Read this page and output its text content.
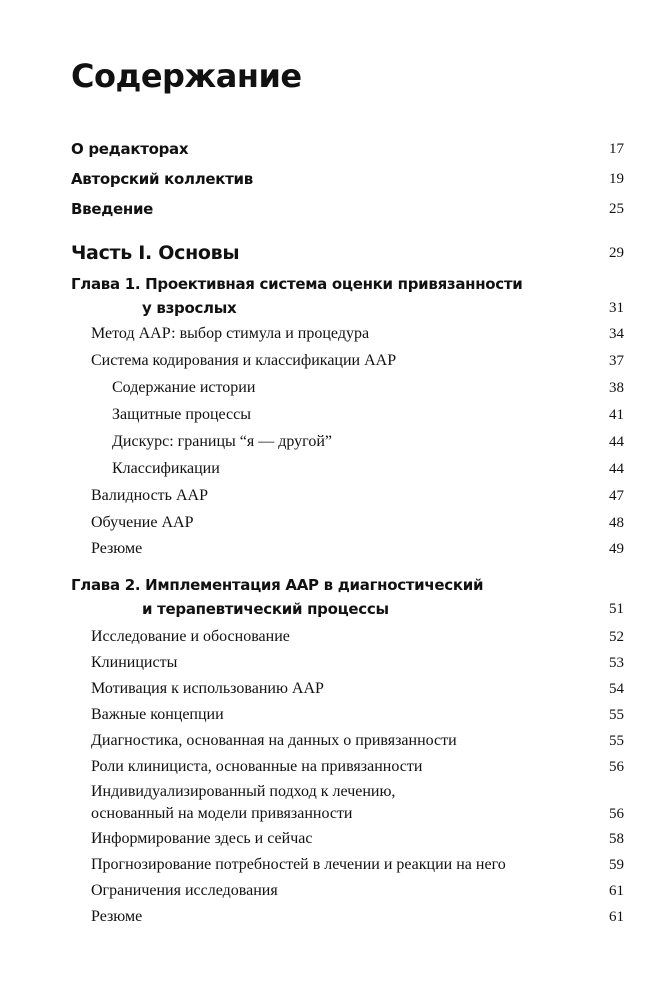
Содержание
О редакторах	17
Авторский коллектив	19
Введение	25
Часть I. Основы	29
Глава 1. Проективная система оценки привязанности
у взрослых	31
Метод ААР: выбор стимула и процедура	34
Система кодирования и классификации ААР	37
Содержание истории	38
Защитные процессы	41
Дискурс: границы “я — другой”	44
Классификации	44
Валидность ААР	47
Обучение ААР	48
Резюме	49
Глава 2. Имплементация ААР в диагностический
и терапевтический процессы	51
Исследование и обоснование	52
Клиницисты	53
Мотивация к использованию ААР	54
Важные концепции	55
Диагностика, основанная на данных о привязанности	55
Роли клинициста, основанные на привязанности	56
Индивидуализированный подход к лечению,
основанный на модели привязанности	56
Информирование здесь и сейчас	58
Прогнозирование потребностей в лечении и реакции на него	59
Ограничения исследования	61
Резюме	61
